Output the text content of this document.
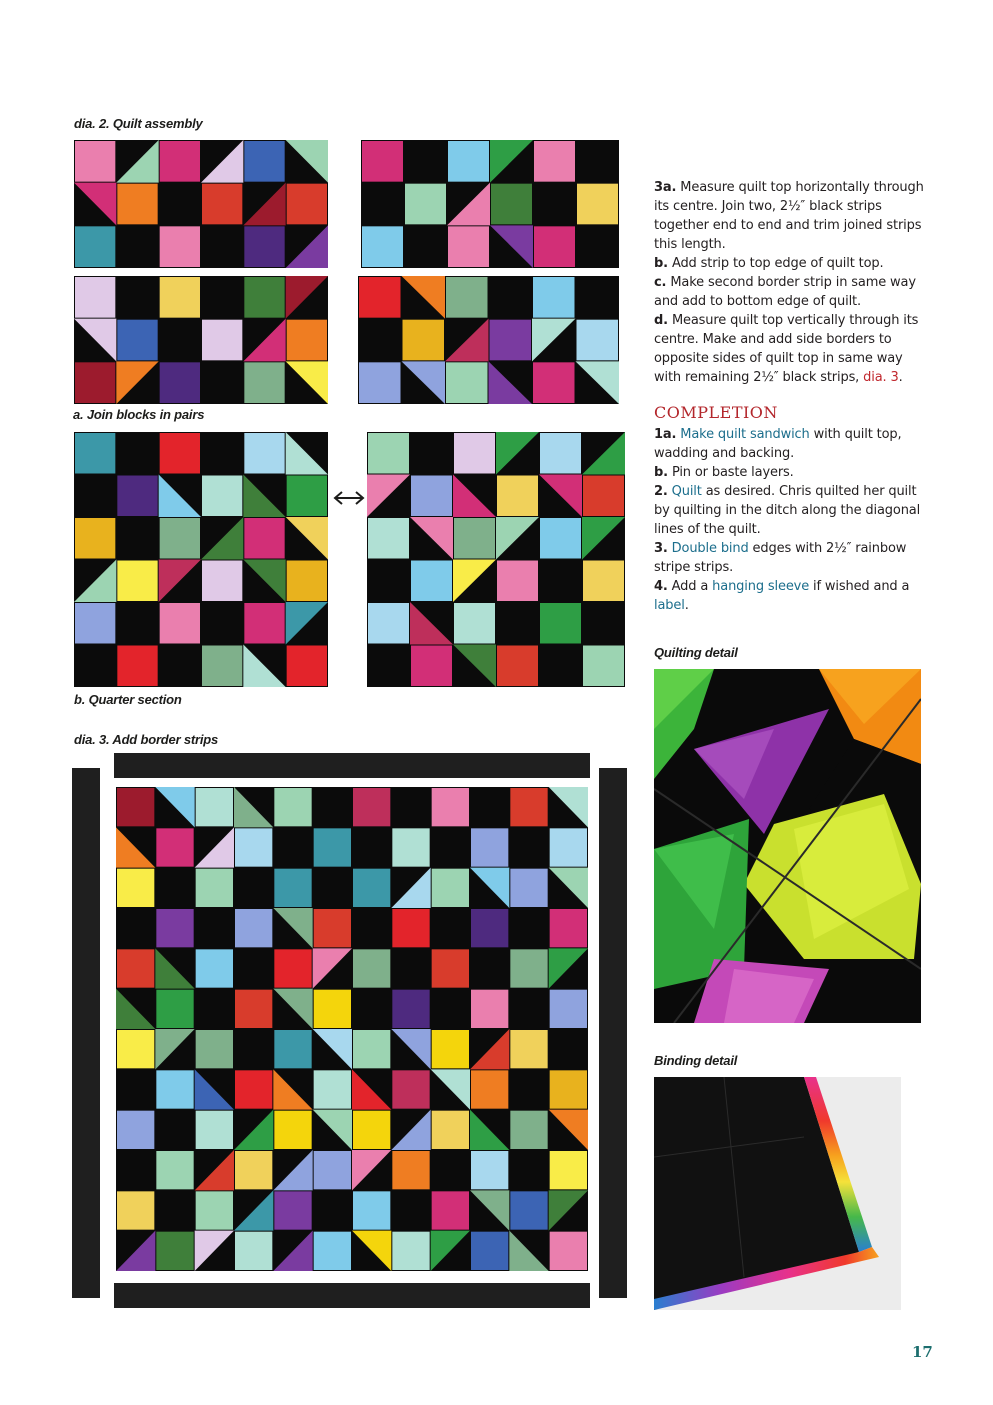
dia. 2. Quilt assembly
a. Join blocks in pairs
b. Quarter section
dia. 3. Add border strips
Quilting detail
Binding detail

3a. Measure quilt top horizontally through its centre. Join two, 2½″ black strips together end to end and trim joined strips this length.

b. Add strip to top edge of quilt top.

c. Make second border strip in same way and add to bottom edge of quilt.

d. Measure quilt top vertically through its centre. Make and add side borders to opposite sides of quilt top in same way with remaining 2½″ black strips, dia. 3.

COMPLETION

1a. Make quilt sandwich with quilt top, wadding and backing.

b. Pin or baste layers.

2. Quilt as desired. Chris quilted her quilt by quilting in the ditch along the diagonal lines of the quilt.

3. Double bind edges with 2½″ rainbow stripe strips.

4. Add a hanging sleeve if wished and a label.

17
